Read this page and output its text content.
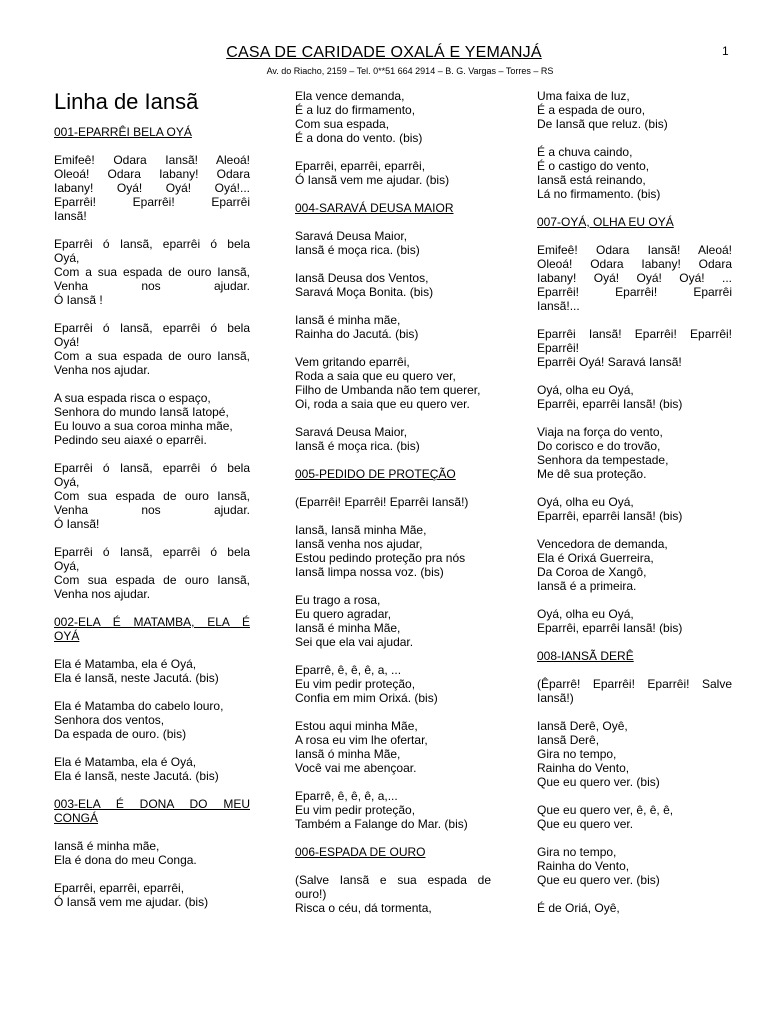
CASA DE CARIDADE OXALÁ E YEMANJÁ
Av. do Riacho, 2159 – Tel. 0**51 664 2914 – B. G. Vargas – Torres – RS
1
Linha de Iansã
001-EPARRÊI BELA OYÁ
Emifeê! Odara Iansã! Aleoá!
Oleoá! Odara Iabany! Odara
Iabany! Oyá! Oyá! Oyá!...
Eparrêi! Eparrêi! Eparrêi
Iansã!
Eparrêi ó Iansã, eparrêi ó bela
Oyá,
Com a sua espada de ouro Iansã,
Venha nos ajudar.
Ó Iansã !
Eparrêi ó Iansã, eparrêi ó bela
Oyá!
Com a sua espada de ouro Iansã,
Venha nos ajudar.
A sua espada risca o espaço,
Senhora do mundo Iansã Iatopé,
Eu louvo a sua coroa minha mãe,
Pedindo seu aiaxé o eparrêi.
Eparrêi ó Iansã, eparrêi ó bela
Oyá,
Com sua espada de ouro Iansã,
Venha nos ajudar.
Ó Iansã!
Eparrêi ó Iansã, eparrêi ó bela
Oyá,
Com sua espada de ouro Iansã,
Venha nos ajudar.
002-ELA É MATAMBA, ELA É
OYÁ
Ela é Matamba, ela é Oyá,
Ela é Iansã, neste Jacutá. (bis)
Ela é Matamba do cabelo louro,
Senhora dos ventos,
Da espada de ouro. (bis)
Ela é Matamba, ela é Oyá,
Ela é Iansã, neste Jacutá. (bis)
003-ELA É DONA DO MEU
CONGÁ
Iansã é minha mãe,
Ela é dona do meu Conga.
Eparrêi, eparrêi, eparrêi,
Ó Iansã vem me ajudar. (bis)
Ela vence demanda,
É a luz do firmamento,
Com sua espada,
É a dona do vento. (bis)
Eparrêi, eparrêi, eparrêi,
Ó Iansã vem me ajudar. (bis)
004-SARAVÁ DEUSA MAIOR
Saravá Deusa Maior,
Iansã é moça rica. (bis)
Iansã Deusa dos Ventos,
Saravá Moça Bonita. (bis)
Iansã é minha mãe,
Rainha do Jacutá. (bis)
Vem gritando eparrêi,
Roda a saia que eu quero ver,
Filho de Umbanda não tem querer,
Oi, roda a saia que eu quero ver.
Saravá Deusa Maior,
Iansã é moça rica. (bis)
005-PEDIDO DE PROTEÇÃO
(Eparrêi! Eparrêi! Eparrêi Iansã!)
Iansã, Iansã minha Mãe,
Iansã venha nos ajudar,
Estou pedindo proteção pra nós
Iansã limpa nossa voz. (bis)
Eu trago a rosa,
Eu quero agradar,
Iansã é minha Mãe,
Sei que ela vai ajudar.
Eparrê, ê, ê, ê, a, ...
Eu vim pedir proteção,
Confia em mim Orixá. (bis)
Estou aqui minha Mãe,
A rosa eu vim lhe ofertar,
Iansã ó minha Mãe,
Você vai me abençoar.
Eparrê, ê, ê, ê, a,...
Eu vim pedir proteção,
Também a Falange do Mar. (bis)
006-ESPADA DE OURO
(Salve Iansã e sua espada de
ouro!)
Risca o céu, dá tormenta,
Uma faixa de luz,
É a espada de ouro,
De Iansã que reluz. (bis)
É a chuva caindo,
É o castigo do vento,
Iansã está reinando,
Lá no firmamento. (bis)
007-OYÁ, OLHA EU OYÁ
Emifeê! Odara Iansã! Aleoá!
Oleoá! Odara Iabany! Odara
Iabany! Oyá! Oyá! Oyá! ...
Eparrêi! Eparrêi! Eparrêi
Iansã!...
Eparrêi Iansã! Eparrêi! Eparrêi!
Eparrêi!
Eparrêi Oyá! Saravá Iansã!
Oyá, olha eu Oyá,
Eparrêi, eparrêi Iansã! (bis)
Viaja na força do vento,
Do corisco e do trovão,
Senhora da tempestade,
Me dê sua proteção.
Oyá, olha eu Oyá,
Eparrêi, eparrêi Iansã! (bis)
Vencedora de demanda,
Ela é Orixá Guerreira,
Da Coroa de Xangô,
Iansã é a primeira.
Oyá, olha eu Oyá,
Eparrêi, eparrêi Iansã! (bis)
008-IANSÃ DERÊ
(Êparrê! Eparrêi! Eparrêi! Salve
Iansã!)
Iansã Derê, Oyê,
Iansã Derê,
Gira no tempo,
Rainha do Vento,
Que eu quero ver. (bis)
Que eu quero ver, ê, ê, ê,
Que eu quero ver.
Gira no tempo,
Rainha do Vento,
Que eu quero ver. (bis)
É de Oriá, Oyê,
